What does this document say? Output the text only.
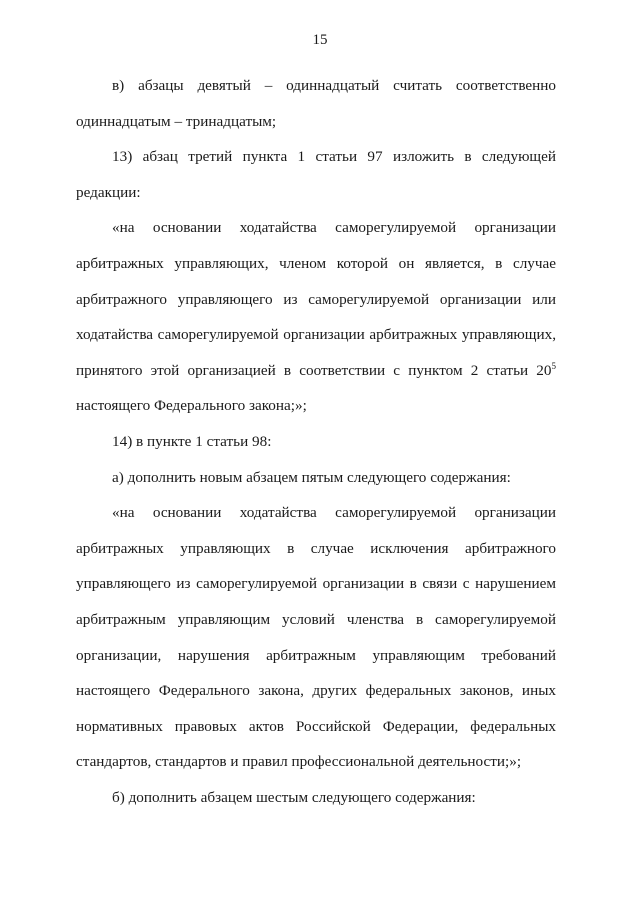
15
в) абзацы девятый – одиннадцатый считать соответственно
одиннадцатым – тринадцатым;
13) абзац третий пункта 1 статьи 97 изложить в следующей
редакции:
«на основании ходатайства саморегулируемой организации
арбитражных управляющих, членом которой он является, в случае
арбитражного управляющего из саморегулируемой организации или
ходатайства саморегулируемой организации арбитражных управляющих,
принятого этой организацией в соответствии с пунктом 2 статьи $20^5$
настоящего Федерального закона;»;
14) в пункте 1 статьи 98:
а) дополнить новым абзацем пятым следующего содержания:
«на основании ходатайства саморегулируемой организации
арбитражных управляющих в случае исключения арбитражного
управляющего из саморегулируемой организации в связи с нарушением
арбитражным управляющим условий членства в саморегулируемой
организации, нарушения арбитражным управляющим требований
настоящего Федерального закона, других федеральных законов, иных
нормативных правовых актов Российской Федерации, федеральных
стандартов, стандартов и правил профессиональной деятельности;»;
б) дополнить абзацем шестым следующего содержания:
